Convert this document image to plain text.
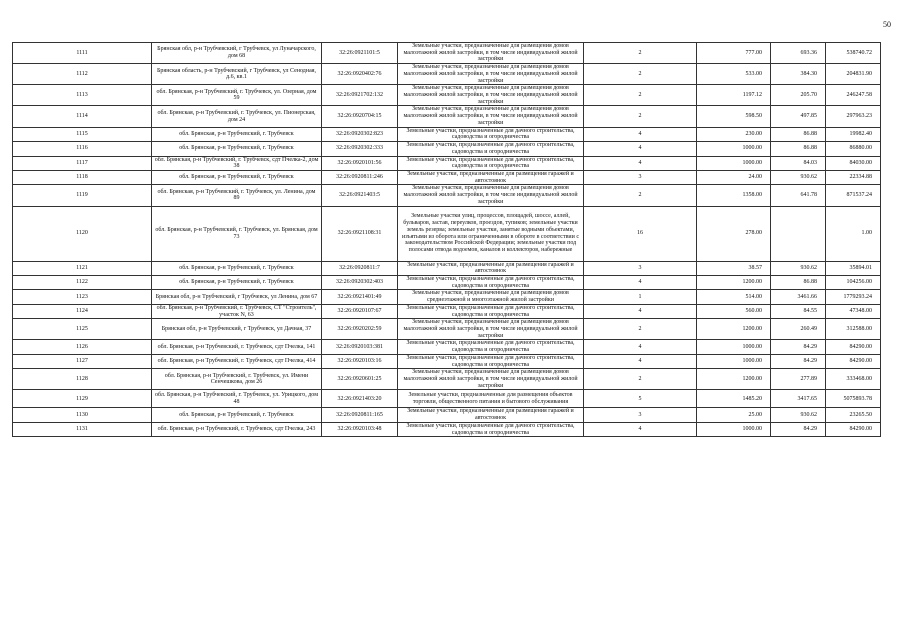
50
1111	Брянская обл, р-н Трубчевский, г Трубчевск, ул Луначарского, дом 68	32:26:0921101:5	Земельные участки, предназначенные для размещения домов малоэтажной жилой застройки, в том числе индивидуальной жилой застройки	2	777.00	693.36	538740.72
1112	Брянская область, р-н Трубчевский, г Трубчевск, ул Сенодная, д.6, кв.1	32:26:0920402:76	Земельные участки, предназначенные для размещения домов малоэтажной жилой застройки, в том числе индивидуальной жилой застройки	2	533.00	384.30	204831.90
1113	обл. Брянская, р-н Трубчевский, г. Трубчевск, ул. Озерная, дом 59	32:26:0921702:132	Земельные участки, предназначенные для размещения домов малоэтажной жилой застройки, в том числе индивидуальной жилой застройки	2	1197.12	205.70	246247.58
1114	обл. Брянская, р-н Трубчевский, г. Трубчевск, ул. Пионерская, дом 24	32:26:0920704:15	Земельные участки, предназначенные для размещения домов малоэтажной жилой застройки, в том числе индивидуальной жилой застройки	2	598.50	497.85	297963.23
1115	обл. Брянская, р-н Трубчевский, г. Трубчевск	32:26:0920302:823	Земельные участки, предназначенные для дачного строительства, садоводства и огородничества	4	230.00	86.88	19982.40
1116	обл. Брянская, р-н Трубчевский, г. Трубчевск	32:26:0920302:333	Земельные участки, предназначенные для дачного строительства, садоводства и огородничества	4	1000.00	86.88	86880.00
1117	обл. Брянская, р-н Трубчевский, г. Трубчевск, сдт Пчелка-2, дом 38	32:26:0920101:56	Земельные участки, предназначенные для дачного строительства, садоводства и огородничества	4	1000.00	84.03	84030.00
1118	обл. Брянская, р-н Трубчевский, г. Трубчевск	32:26:0920811:246	Земельные участки, предназначенные для размещения гаражей и автостоянок	3	24.00	930.62	22334.88
1119	обл. Брянская, р-н Трубчевский, г. Трубчевск, ул. Ленина, дом 89	32:26:0921403:5	Земельные участки, предназначенные для размещения домов малоэтажной жилой застройки, в том числе индивидуальной жилой застройки	2	1358.00	641.78	871537.24
1120	обл. Брянская, р-н Трубчевский, г. Трубчевск, ул. Брянская, дом 73	32:26:0921108:31	Земельные участки улиц, процессов, площадей, шоссе, аллей, бульваров, застав, переулков, проездов, тупиков; земельные участки земель резерва; земельные участки, занятые водными объектами, изъятыми из оборота или ограниченными в обороте в соответствии с законодательством Российской Федерации; земельные участки под полосами отвода водоемов, каналов и коллекторов, набережные	16	278.00		1.00
1121	обл. Брянская, р-н Трубчевский, г. Трубчевск	32:26:0920811:7	Земельные участки, предназначенные для размещения гаражей и автостоянок	3	38.57	930.62	35894.01
1122	обл. Брянская, р-н Трубчевский, г. Трубчевск	32:26:0920302:403	Земельные участки, предназначенные для дачного строительства, садоводства и огородничества	4	1200.00	86.88	104256.00
1123	Брянская обл, р-н Трубчевский, г Трубчевск, ул Ленина, дом 67	32:26:0921401:49	Земельные участки, предназначенные для размещения домов среднеэтажной и многоэтажной жилой застройки	1	514.00	3461.66	1779293.24
1124	обл. Брянская, р-н Трубчевский, г. Трубчевск, СТ "Строитель", участок N, 63	32:26:0920107:67	Земельные участки, предназначенные для дачного строительства, садоводства и огородничества	4	560.00	84.55	47348.00
1125	Брянская обл, р-н Трубчевский, г Трубчевск, ул Дачная, 37	32:26:0920202:59	Земельные участки, предназначенные для размещения домов малоэтажной жилой застройки, в том числе индивидуальной жилой застройки	2	1200.00	260.49	312588.00
1126	обл. Брянская, р-н Трубчевский, г. Трубчевск, сдт Пчелка, 141	32:26:0920103:381	Земельные участки, предназначенные для дачного строительства, садоводства и огородничества	4	1000.00	84.29	84290.00
1127	обл. Брянская, р-н Трубчевский, г. Трубчевск, сдт Пчелка, 414	32:26:0920103:16	Земельные участки, предназначенные для дачного строительства, садоводства и огородничества	4	1000.00	84.29	84290.00
1128	обл. Брянская, р-н Трубчевский, г. Трубчевск, ул. Имени Сенчешкова, дом 26	32:26:0920601:25	Земельные участки, предназначенные для размещения домов малоэтажной жилой застройки, в том числе индивидуальной жилой застройки	2	1200.00	277.89	333468.00
1129	обл. Брянская, р-н Трубчевский, г. Трубчевск, ул. Урицкого, дом 48	32:26:0921403:20	Земельные участки, предназначенные для размещения объектов торговли, общественного питания и бытового обслуживания	5	1485.20	3417.65	5075893.78
1130	обл. Брянская, р-н Трубчевский, г. Трубчевск	32:26:0920811:165	Земельные участки, предназначенные для размещения гаражей и автостоянок	3	25.00	930.62	23265.50
1131	обл. Брянская, р-н Трубчевский, г. Трубчевск, сдт Пчелка, 243	32:26:0920103:48	Земельные участки, предназначенные для дачного строительства, садоводства и огородничества	4	1000.00	84.29	84290.00
